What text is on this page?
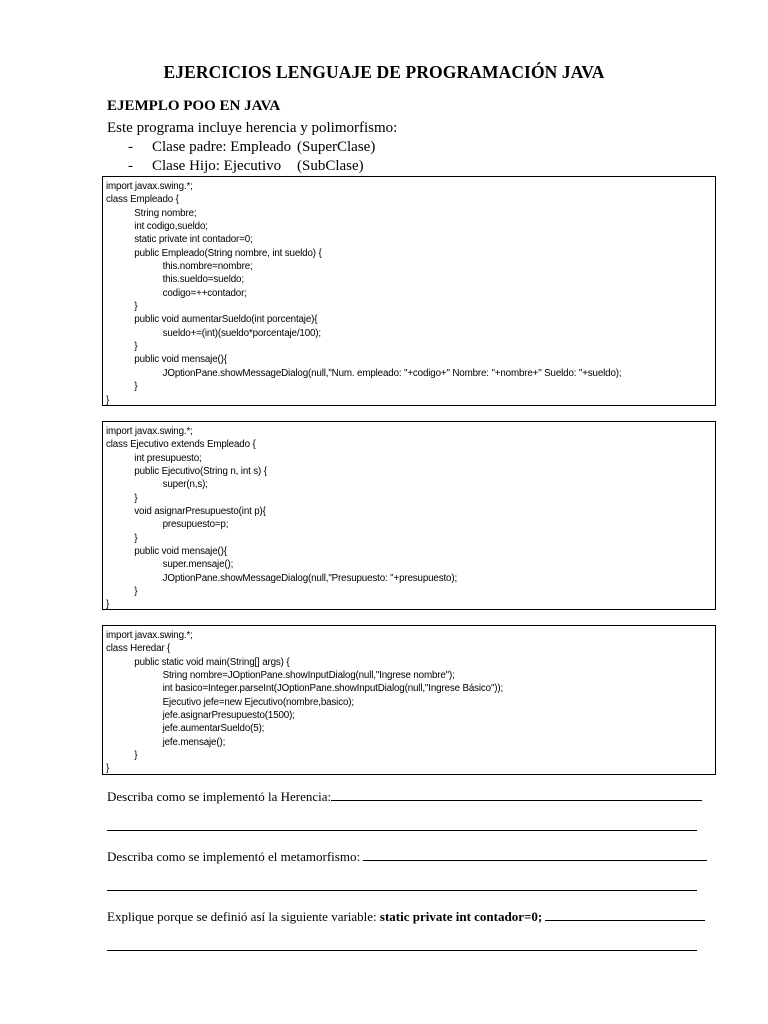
EJERCICIOS LENGUAJE DE PROGRAMACIÓN JAVA
EJEMPLO POO EN JAVA
Este programa incluye herencia y polimorfismo:
- Clase padre: Empleado (SuperClase)
- Clase Hijo: Ejecutivo (SubClase)
import javax.swing.*;
class Empleado {
		String nombre;
		int codigo,sueldo;
		static private int contador=0;
		public Empleado(String nombre, int sueldo) {
				this.nombre=nombre;
				this.sueldo=sueldo;
				codigo=++contador;
		}
		public void aumentarSueldo(int porcentaje){
				sueldo+=(int)(sueldo*porcentaje/100);
		}
		public void mensaje(){
				JOptionPane.showMessageDialog(null,"Num. empleado: "+codigo+" Nombre: "+nombre+" Sueldo: "+sueldo);
		}
}
import javax.swing.*;
class Ejecutivo extends Empleado {
		int presupuesto;
		public Ejecutivo(String n, int s) {
				super(n,s);
		}
		void asignarPresupuesto(int p){
				presupuesto=p;
		}
		public void mensaje(){
				super.mensaje();
				JOptionPane.showMessageDialog(null,"Presupuesto: "+presupuesto);
		}
}
import javax.swing.*;
class Heredar {
		public static void main(String[] args) {
				String nombre=JOptionPane.showInputDialog(null,"Ingrese nombre");
				int basico=Integer.parseInt(JOptionPane.showInputDialog(null,"Ingrese Básico"));
				Ejecutivo jefe=new Ejecutivo(nombre,basico);
				jefe.asignarPresupuesto(1500);
				jefe.aumentarSueldo(5);
				jefe.mensaje();
		}
}
Describa como se implementó la Herencia:
Describa como se implementó el metamorfismo:
Explique porque se definió así la siguiente variable: static private int contador=0;
